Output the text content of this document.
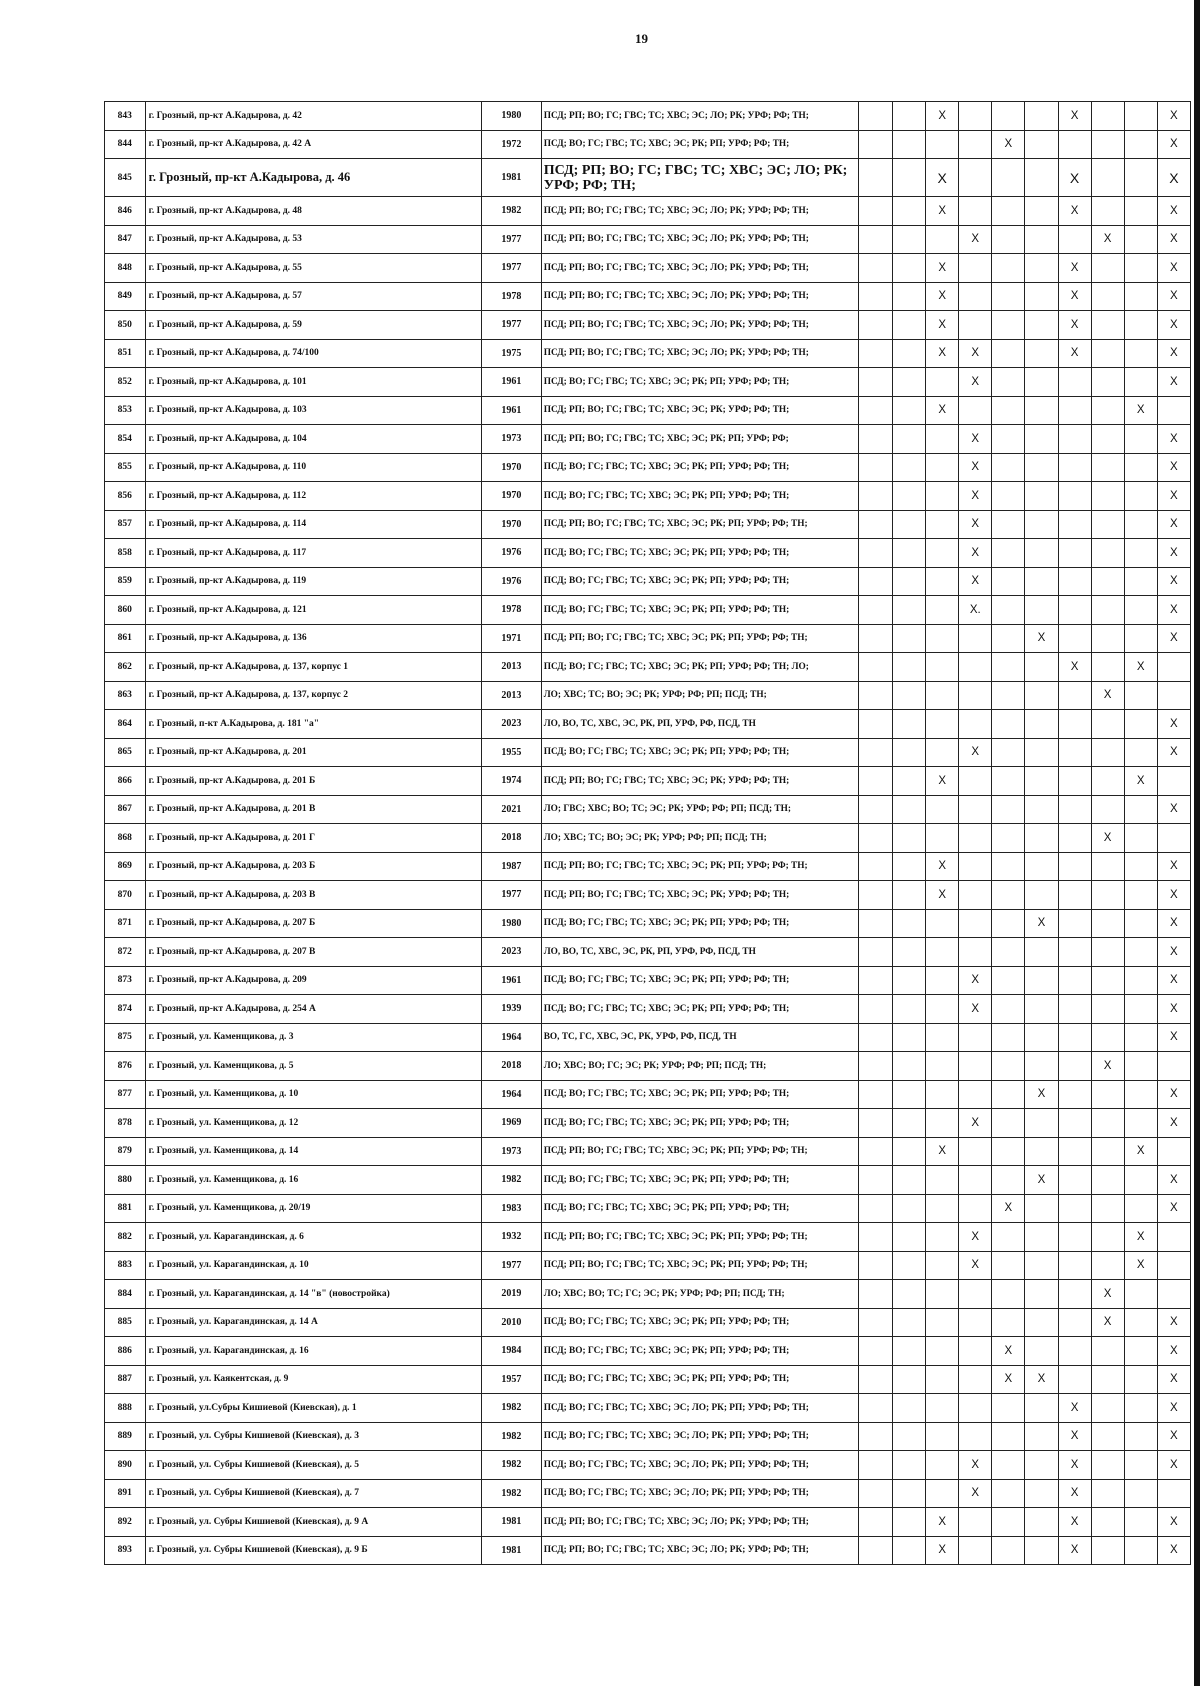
19
843	г. Грозный, пр-кт А.Кадырова, д. 42	1980	ПСД; РП; ВО; ГС; ГВС; ТС; ХВС; ЭС; ЛО; РК; УРФ; РФ; ТН;			X				X			X
844	г. Грозный, пр-кт А.Кадырова, д. 42 А	1972	ПСД; ВО; ГС; ГВС; ТС; ХВС; ЭС; РК; РП; УРФ; РФ; ТН;					X					X
845	г. Грозный, пр-кт А.Кадырова, д. 46	1981	ПСД; РП; ВО; ГС; ГВС; ТС; ХВС; ЭС; ЛО; РК; УРФ; РФ; ТН;			X				X			X
846	г. Грозный, пр-кт А.Кадырова, д. 48	1982	ПСД; РП; ВО; ГС; ГВС; ТС; ХВС; ЭС; ЛО; РК; УРФ; РФ; ТН;			X				X			X
847	г. Грозный, пр-кт А.Кадырова, д. 53	1977	ПСД; РП; ВО; ГС; ГВС; ТС; ХВС; ЭС; ЛО; РК; УРФ; РФ; ТН;				X				X		X
848	г. Грозный, пр-кт А.Кадырова, д. 55	1977	ПСД; РП; ВО; ГС; ГВС; ТС; ХВС; ЭС; ЛО; РК; УРФ; РФ; ТН;			X				X			X
849	г. Грозный, пр-кт А.Кадырова, д. 57	1978	ПСД; РП; ВО; ГС; ГВС; ТС; ХВС; ЭС; ЛО; РК; УРФ; РФ; ТН;			X				X			X
850	г. Грозный, пр-кт А.Кадырова, д. 59	1977	ПСД; РП; ВО; ГС; ГВС; ТС; ХВС; ЭС; ЛО; РК; УРФ; РФ; ТН;			X				X			X
851	г. Грозный, пр-кт А.Кадырова, д. 74/100	1975	ПСД; РП; ВО; ГС; ГВС; ТС; ХВС; ЭС; ЛО; РК; УРФ; РФ; ТН;			X	X			X			X
852	г. Грозный, пр-кт А.Кадырова, д. 101	1961	ПСД; ВО; ГС; ГВС; ТС; ХВС; ЭС; РК; РП; УРФ; РФ; ТН;				X						X
853	г. Грозный, пр-кт А.Кадырова, д. 103	1961	ПСД; РП; ВО; ГС; ГВС; ТС; ХВС; ЭС; РК; УРФ; РФ; ТН;			X						X	
854	г. Грозный, пр-кт А.Кадырова, д. 104	1973	ПСД; РП; ВО; ГС; ГВС; ТС; ХВС; ЭС; РК; РП; УРФ; РФ;				X						X
855	г. Грозный, пр-кт А.Кадырова, д. 110	1970	ПСД; ВО; ГС; ГВС; ТС; ХВС; ЭС; РК; РП; УРФ; РФ; ТН;				X						X
856	г. Грозный, пр-кт А.Кадырова, д. 112	1970	ПСД; ВО; ГС; ГВС; ТС; ХВС; ЭС; РК; РП; УРФ; РФ; ТН;				X						X
857	г. Грозный, пр-кт А.Кадырова, д. 114	1970	ПСД; РП; ВО; ГС; ГВС; ТС; ХВС; ЭС; РК; РП; УРФ; РФ; ТН;				X						X
858	г. Грозный, пр-кт А.Кадырова, д. 117	1976	ПСД; ВО; ГС; ГВС; ТС; ХВС; ЭС; РК; РП; УРФ; РФ; ТН;				X						X
859	г. Грозный, пр-кт А.Кадырова, д. 119	1976	ПСД; ВО; ГС; ГВС; ТС; ХВС; ЭС; РК; РП; УРФ; РФ; ТН;				X						X
860	г. Грозный, пр-кт А.Кадырова, д. 121	1978	ПСД; ВО; ГС; ГВС; ТС; ХВС; ЭС; РК; РП; УРФ; РФ; ТН;				X.						X
861	г. Грозный, пр-кт А.Кадырова, д. 136	1971	ПСД; РП; ВО; ГС; ГВС; ТС; ХВС; ЭС; РК; РП; УРФ; РФ; ТН;						X				X
862	г. Грозный, пр-кт А.Кадырова, д. 137, корпус 1	2013	ПСД; ВО; ГС; ГВС; ТС; ХВС; ЭС; РК; РП; УРФ; РФ; ТН; ЛО;							X		X	
863	г. Грозный, пр-кт А.Кадырова, д. 137, корпус 2	2013	ЛО; ХВС; ТС; ВО; ЭС; РК; УРФ; РФ; РП; ПСД; ТН;								X		
864	г. Грозный, п-кт А.Кадырова, д. 181 "а"	2023	ЛО, ВО, ТС, ХВС, ЭС, РК, РП, УРФ, РФ, ПСД, ТН										X
865	г. Грозный, пр-кт А.Кадырова, д. 201	1955	ПСД; ВО; ГС; ГВС; ТС; ХВС; ЭС; РК; РП; УРФ; РФ; ТН;				X						X
866	г. Грозный, пр-кт А.Кадырова, д. 201 Б	1974	ПСД; РП; ВО; ГС; ГВС; ТС; ХВС; ЭС; РК; УРФ; РФ; ТН;			X						X	
867	г. Грозный, пр-кт А.Кадырова, д. 201 В	2021	ЛО; ГВС; ХВС; ВО; ТС; ЭС; РК; УРФ; РФ; РП; ПСД; ТН;										X
868	г. Грозный, пр-кт А.Кадырова, д. 201 Г	2018	ЛО; ХВС; ТС; ВО; ЭС; РК; УРФ; РФ; РП; ПСД; ТН;								X		
869	г. Грозный, пр-кт А.Кадырова, д. 203 Б	1987	ПСД; РП; ВО; ГС; ГВС; ТС; ХВС; ЭС; РК; РП; УРФ; РФ; ТН;			X							X
870	г. Грозный, пр-кт А.Кадырова, д. 203 В	1977	ПСД; РП; ВО; ГС; ГВС; ТС; ХВС; ЭС; РК; УРФ; РФ; ТН;			X							X
871	г. Грозный, пр-кт А.Кадырова, д. 207 Б	1980	ПСД; ВО; ГС; ГВС; ТС; ХВС; ЭС; РК; РП; УРФ; РФ; ТН;						X				X
872	г. Грозный, пр-кт А.Кадырова, д. 207 В	2023	ЛО, ВО, ТС, ХВС, ЭС, РК, РП, УРФ, РФ, ПСД, ТН										X
873	г. Грозный, пр-кт А.Кадырова, д. 209	1961	ПСД; ВО; ГС; ГВС; ТС; ХВС; ЭС; РК; РП; УРФ; РФ; ТН;				X						X
874	г. Грозный, пр-кт А.Кадырова, д. 254 А	1939	ПСД; ВО; ГС; ГВС; ТС; ХВС; ЭС; РК; РП; УРФ; РФ; ТН;				X						X
875	г. Грозный, ул. Каменщикова, д. 3	1964	ВО, ТС, ГС, ХВС, ЭС, РК, УРФ, РФ, ПСД, ТН										X
876	г. Грозный, ул. Каменщикова, д. 5	2018	ЛО; ХВС; ВО; ГС; ЭС; РК; УРФ; РФ; РП; ПСД; ТН;								X		
877	г. Грозный, ул. Каменщикова, д. 10	1964	ПСД; ВО; ГС; ГВС; ТС; ХВС; ЭС; РК; РП; УРФ; РФ; ТН;						X				X
878	г. Грозный, ул. Каменщикова, д. 12	1969	ПСД; ВО; ГС; ГВС; ТС; ХВС; ЭС; РК; РП; УРФ; РФ; ТН;				X						X
879	г. Грозный, ул. Каменщикова, д. 14	1973	ПСД; РП; ВО; ГС; ГВС; ТС; ХВС; ЭС; РК; РП; УРФ; РФ; ТН;			X						X	
880	г. Грозный, ул. Каменщикова, д. 16	1982	ПСД; ВО; ГС; ГВС; ТС; ХВС; ЭС; РК; РП; УРФ; РФ; ТН;						X				X
881	г. Грозный, ул. Каменщикова, д. 20/19	1983	ПСД; ВО; ГС; ГВС; ТС; ХВС; ЭС; РК; РП; УРФ; РФ; ТН;					X					X
882	г. Грозный, ул. Карагандинская, д. 6	1932	ПСД; РП; ВО; ГС; ГВС; ТС; ХВС; ЭС; РК; РП; УРФ; РФ; ТН;				X					X	
883	г. Грозный, ул. Карагандинская, д. 10	1977	ПСД; РП; ВО; ГС; ГВС; ТС; ХВС; ЭС; РК; РП; УРФ; РФ; ТН;				X					X	
884	г. Грозный, ул. Карагандинская, д. 14 "в" (новостройка)	2019	ЛО; ХВС; ВО; ТС; ГС; ЭС; РК; УРФ; РФ; РП; ПСД; ТН;								X		
885	г. Грозный, ул. Карагандинская, д. 14 А	2010	ПСД; ВО; ГС; ГВС; ТС; ХВС; ЭС; РК; РП; УРФ; РФ; ТН;								X		X
886	г. Грозный, ул. Карагандинская, д. 16	1984	ПСД; ВО; ГС; ГВС; ТС; ХВС; ЭС; РК; РП; УРФ; РФ; ТН;					X					X
887	г. Грозный, ул. Каякентская, д. 9	1957	ПСД; ВО; ГС; ГВС; ТС; ХВС; ЭС; РК; РП; УРФ; РФ; ТН;					X	X				X
888	г. Грозный, ул.Субры Кишиевой (Киевская), д. 1	1982	ПСД; ВО; ГС; ГВС; ТС; ХВС; ЭС; ЛО; РК; РП; УРФ; РФ; ТН;							X			X
889	г. Грозный, ул. Субры Кишиевой (Киевская), д. 3	1982	ПСД; ВО; ГС; ГВС; ТС; ХВС; ЭС; ЛО; РК; РП; УРФ; РФ; ТН;							X			X
890	г. Грозный, ул. Субры Кишиевой (Киевская), д. 5	1982	ПСД; ВО; ГС; ГВС; ТС; ХВС; ЭС; ЛО; РК; РП; УРФ; РФ; ТН;				X			X			X
891	г. Грозный, ул. Субры Кишиевой (Киевская), д. 7	1982	ПСД; ВО; ГС; ГВС; ТС; ХВС; ЭС; ЛО; РК; РП; УРФ; РФ; ТН;				X			X			
892	г. Грозный, ул. Субры Кишиевой (Киевская), д. 9 А	1981	ПСД; РП; ВО; ГС; ГВС; ТС; ХВС; ЭС; ЛО; РК; УРФ; РФ; ТН;			X				X			X
893	г. Грозный, ул. Субры Кишиевой (Киевская), д. 9 Б	1981	ПСД; РП; ВО; ГС; ГВС; ТС; ХВС; ЭС; ЛО; РК; УРФ; РФ; ТН;			X				X			X
